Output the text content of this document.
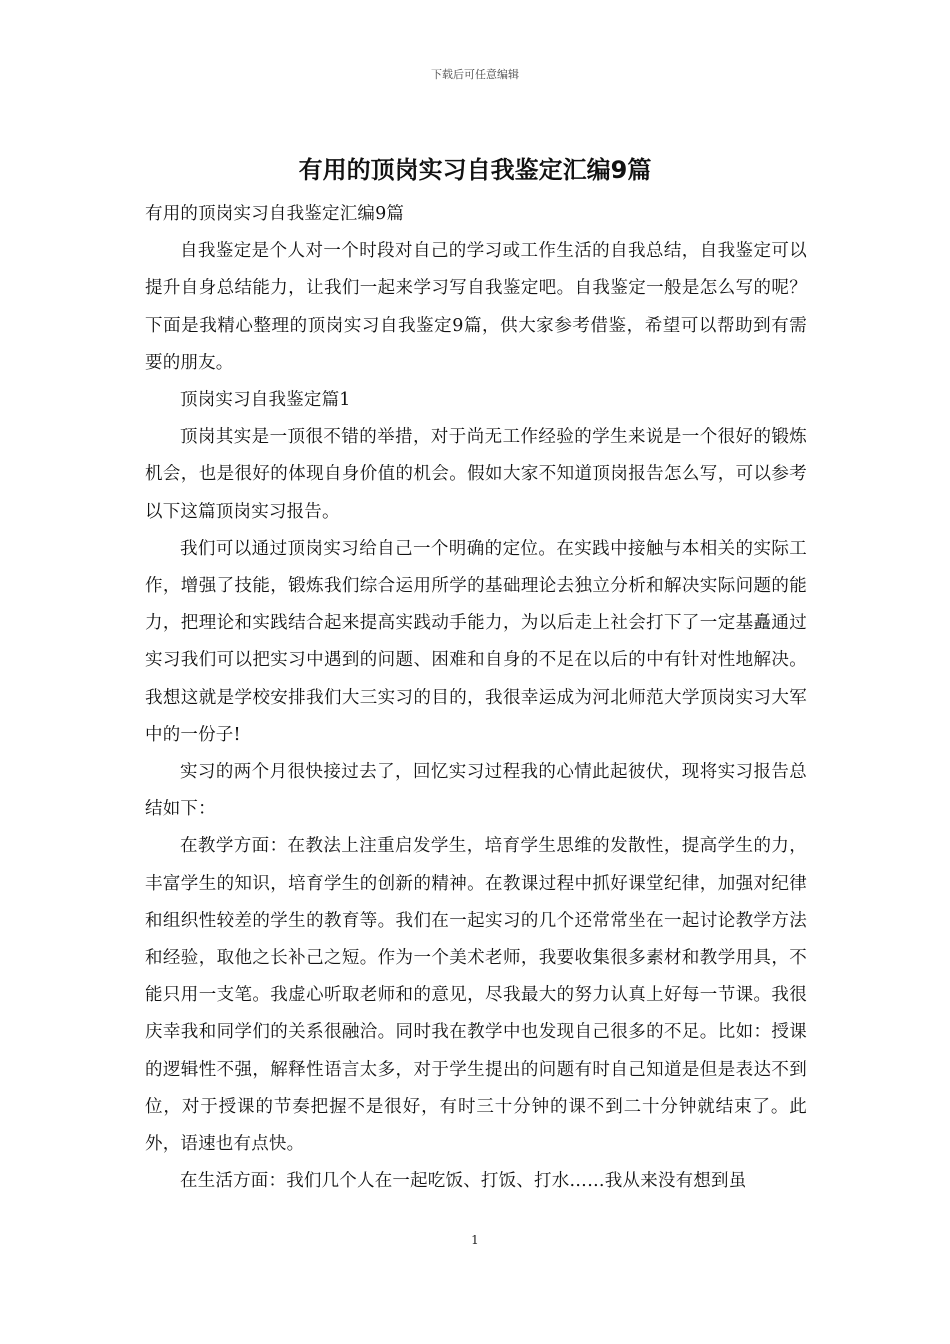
下载后可任意编辑
有用的顶岗实习自我鉴定汇编9篇

有用的顶岗实习自我鉴定汇编9篇

自我鉴定是个人对一个时段对自己的学习或工作生活的自我总结，自我鉴定可以提升自身总结能力，让我们一起来学习写自我鉴定吧。自我鉴定一般是怎么写的呢？下面是我精心整理的顶岗实习自我鉴定9篇，供大家参考借鉴，希望可以帮助到有需要的朋友。

顶岗实习自我鉴定篇1

顶岗其实是一顶很不错的举措，对于尚无工作经验的学生来说是一个很好的锻炼机会，也是很好的体现自身价值的机会。假如大家不知道顶岗报告怎么写，可以参考以下这篇顶岗实习报告。

我们可以通过顶岗实习给自己一个明确的定位。在实践中接触与本相关的实际工作，增强了技能，锻炼我们综合运用所学的基础理论去独立分析和解决实际问题的能力，把理论和实践结合起来提高实践动手能力，为以后走上社会打下了一定基矗通过实习我们可以把实习中遇到的问题、困难和自身的不足在以后的中有针对性地解决。我想这就是学校安排我们大三实习的目的，我很幸运成为河北师范大学顶岗实习大军中的一份子!

实习的两个月很快接过去了，回忆实习过程我的心情此起彼伏，现将实习报告总结如下：

在教学方面：在教法上注重启发学生，培育学生思维的发散性，提高学生的力，丰富学生的知识，培育学生的创新的精神。在教课过程中抓好课堂纪律，加强对纪律和组织性较差的学生的教育等。我们在一起实习的几个还常常坐在一起讨论教学方法和经验，取他之长补己之短。作为一个美术老师，我要收集很多素材和教学用具，不能只用一支笔。我虚心听取老师和的意见，尽我最大的努力认真上好每一节课。我很庆幸我和同学们的关系很融洽。同时我在教学中也发现自己很多的不足。比如：授课的逻辑性不强，解释性语言太多，对于学生提出的问题有时自己知道是但是表达不到位，对于授课的节奏把握不是很好，有时三十分钟的课不到二十分钟就结束了。此外，语速也有点快。

在生活方面：我们几个人在一起吃饭、打饭、打水……我从来没有想到虽

1
